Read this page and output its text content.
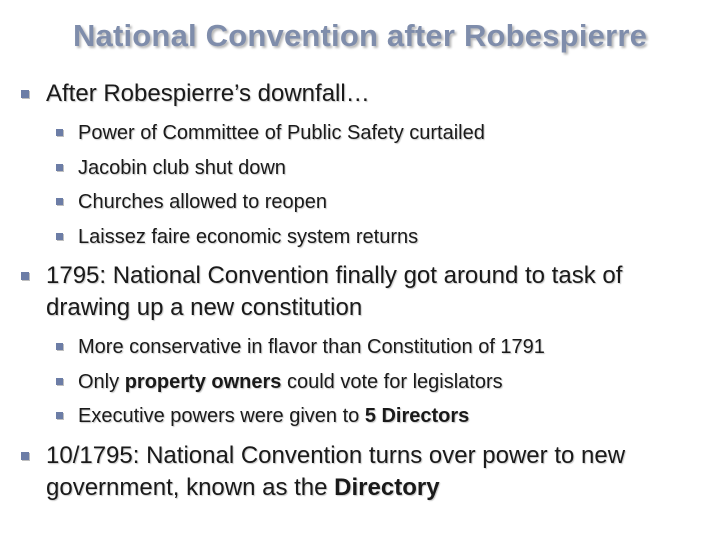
National Convention after Robespierre
After Robespierre’s downfall…
Power of Committee of Public Safety curtailed
Jacobin club shut down
Churches allowed to reopen
Laissez faire economic system returns
1795: National Convention finally got around to task of drawing up a new constitution
More conservative in flavor than Constitution of 1791
Only property owners could vote for legislators
Executive powers were given to 5 Directors
10/1795: National Convention turns over power to new government, known as the Directory
